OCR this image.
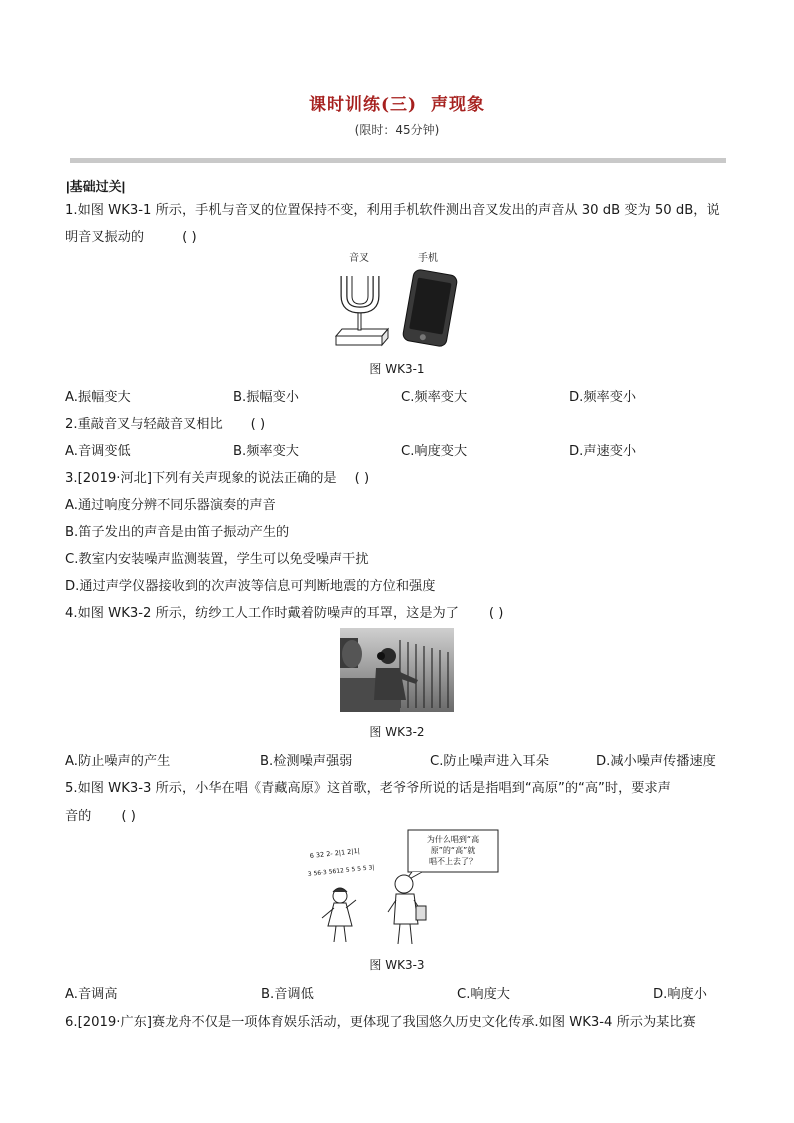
课时训练(三) 声现象
(限时：45分钟)
|基础过关|
1.如图 WK3-1 所示，手机与音叉的位置保持不变，利用手机软件测出音叉发出的声音从 30 dB 变为 50 dB，说
明音叉振动的	( )
音叉	手机
图 WK3-1
A.振幅变大	B.振幅变小	C.频率变大	D.频率变小
2.重敲音叉与轻敲音叉相比 ( )
A.音调变低	B.频率变大	C.响度变大	D.声速变小
3.[2019·河北]下列有关声现象的说法正确的是 ( )
A.通过响度分辨不同乐器演奏的声音
B.笛子发出的声音是由笛子振动产生的
C.教室内安装噪声监测装置，学生可以免受噪声干扰
D.通过声学仪器接收到的次声波等信息可判断地震的方位和强度
4.如图 WK3-2 所示，纺纱工人工作时戴着防噪声的耳罩，这是为了 ( )
图 WK3-2
A.防止噪声的产生	B.检测噪声强弱	C.防止噪声进入耳朵	D.减小噪声传播速度
5.如图 WK3-3 所示，小华在唱《青藏高原》这首歌，老爷爷所说的话是指唱到“高原”的“高”时，要求声
音的 ( )
为什么唱到“高
原”的“高”就
唱不上去了？
6 32 2- 2|1 2|1|
3 56·3 5612 5 5 5 5 3|
图 WK3-3
A.音调高	B.音调低	C.响度大	D.响度小
6.[2019·广东]赛龙舟不仅是一项体育娱乐活动，更体现了我国悠久历史文化传承.如图 WK3-4 所示为某比赛
